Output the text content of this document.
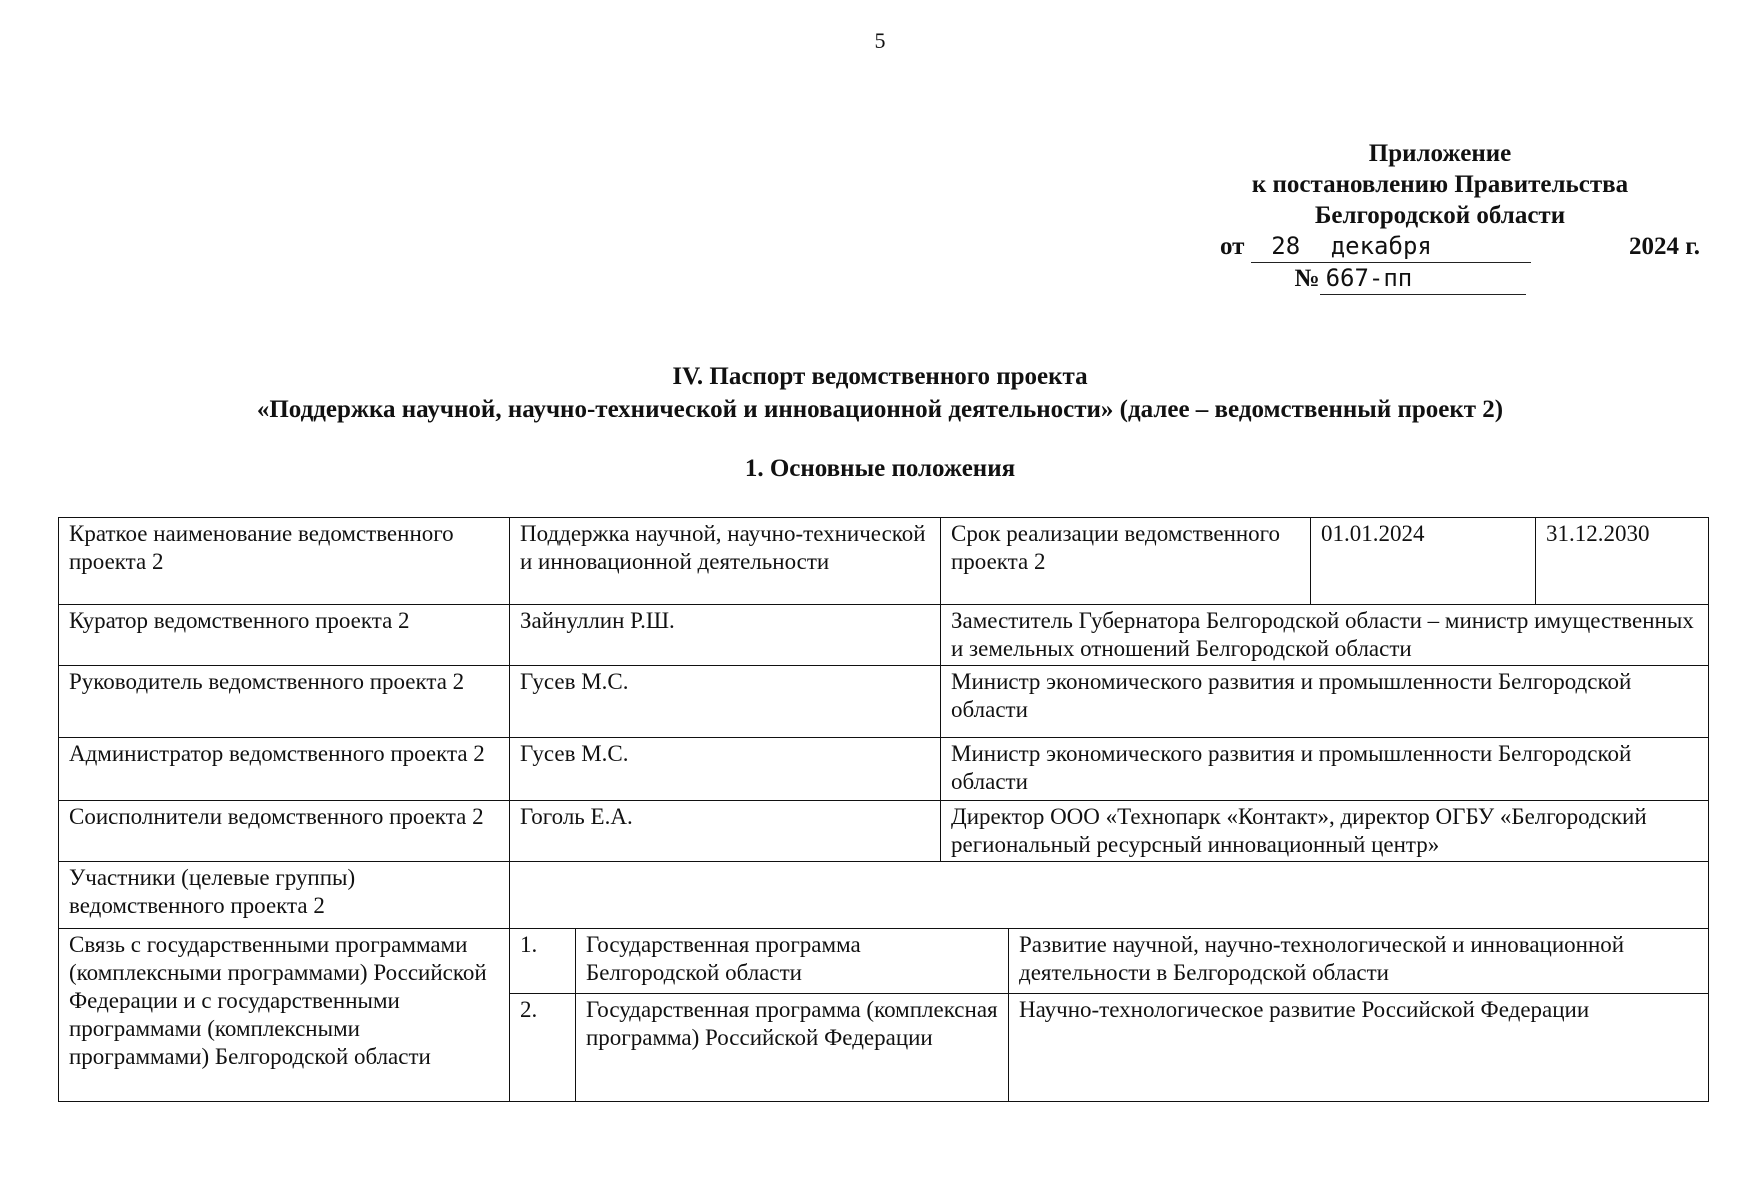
5
Приложение
к постановлению Правительства
Белгородской области
от 28 декабря	2024 г.
№ 667-пп
IV. Паспорт ведомственного проекта
«Поддержка научной, научно-технической и инновационной деятельности» (далее – ведомственный проект 2)
1. Основные положения
Краткое наименование ведомственного проекта 2	Поддержка научной, научно-технической и инновационной деятельности		Срок реализации ведомственного проекта 2		01.01.2024	31.12.2030
Куратор ведомственного проекта 2	Зайнуллин Р.Ш.		Заместитель Губернатора Белгородской области – министр имущественных и земельных отношений Белгородской области			
Руководитель ведомственного проекта 2	Гусев М.С.		Министр экономического развития и промышленности Белгородской области			
Администратор ведомственного проекта 2	Гусев М.С.		Министр экономического развития и промышленности Белгородской области			
Соисполнители ведомственного проекта 2	Гоголь Е.А.		Директор ООО «Технопарк «Контакт», директор ОГБУ «Белгородский региональный ресурсный инновационный центр»			
Участники (целевые группы) ведомственного проекта 2						
Связь с государственными программами (комплексными программами) Российской Федерации и с государственными программами (комплексными программами) Белгородской области	1.	Государственная программа Белгородской области		Развитие научной, научно-технологической и инновационной деятельности в Белгородской области		
	2.	Государственная программа (комплексная программа) Российской Федерации		Научно-технологическое развитие Российской Федерации		
